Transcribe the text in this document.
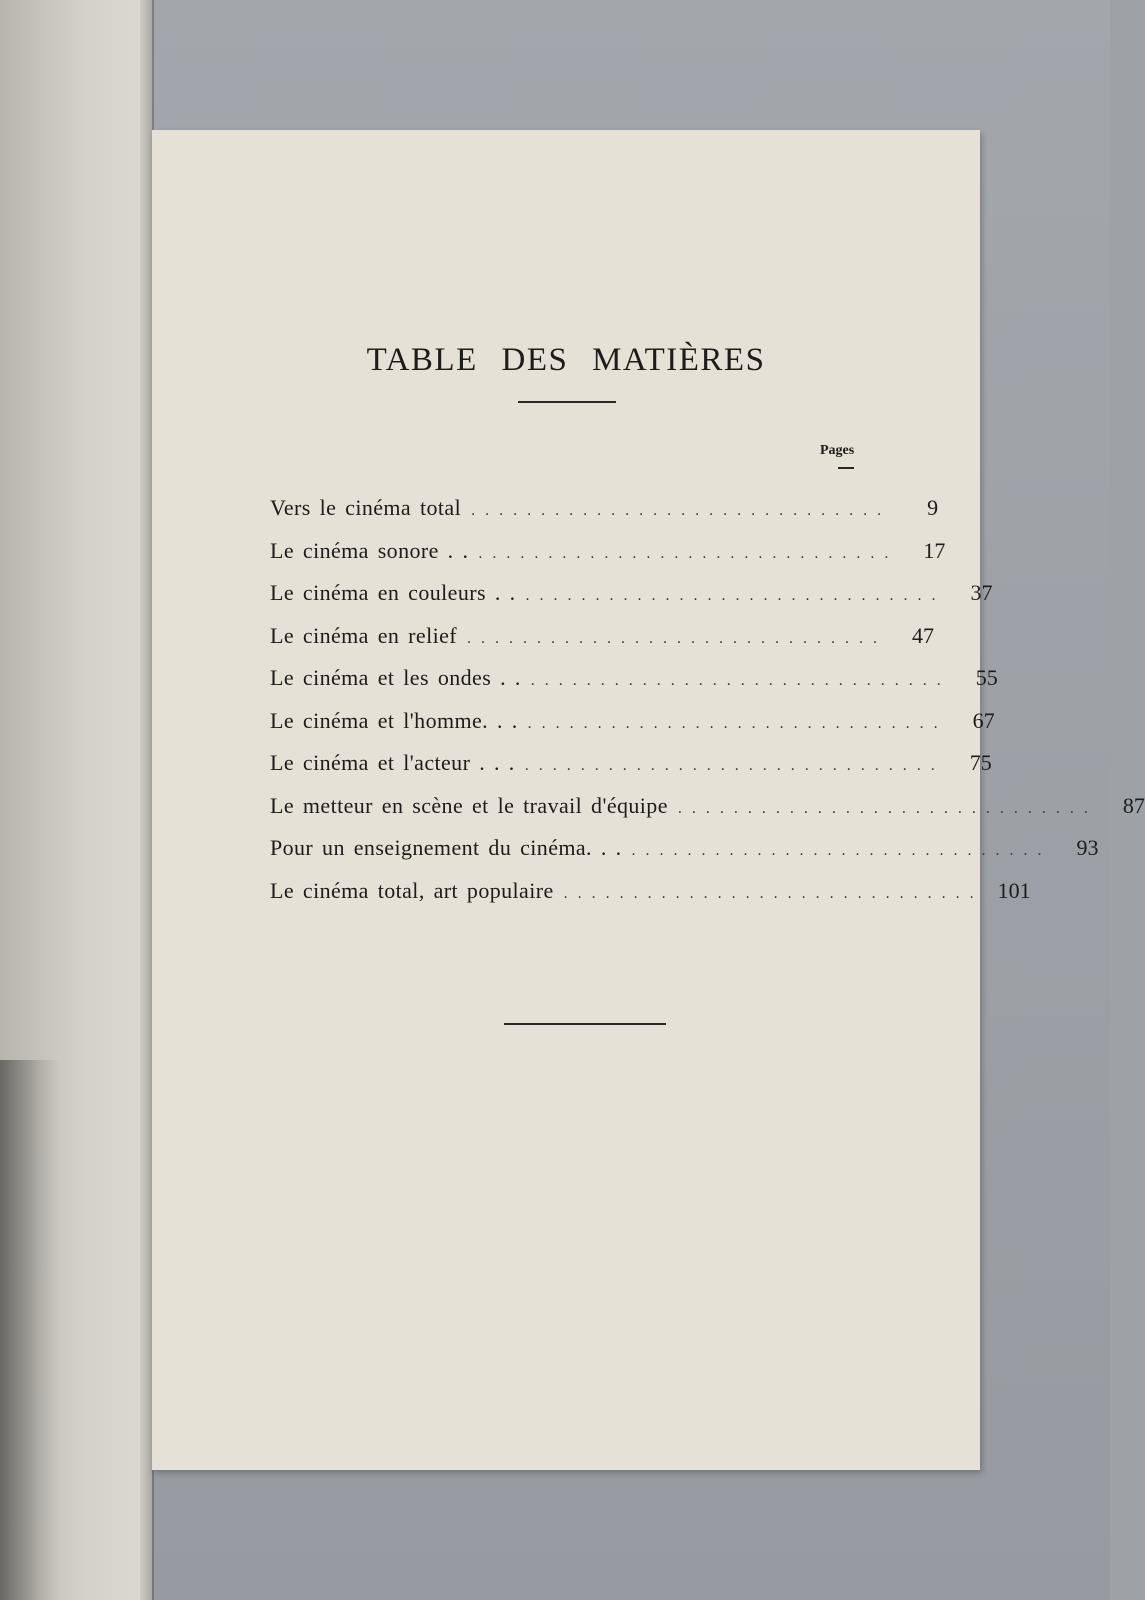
TABLE DES MATIÈRES
Pages
Vers le cinéma total . . . . . . . . . . . . . . . . . . . . . . . . . . . . . .	9
Le cinéma sonore . . . . . . . . . . . . . . . . . . . . . . . . . . . . . . . .	17
Le cinéma en couleurs . . . . . . . . . . . . . . . . . . . . . . . . . . . . . . . .	37
Le cinéma en relief . . . . . . . . . . . . . . . . . . . . . . . . . . . . . .	47
Le cinéma et les ondes . . . . . . . . . . . . . . . . . . . . . . . . . . . . . . . .	55
Le cinéma et l'homme. . . . . . . . . . . . . . . . . . . . . . . . . . . . . . . . .	67
Le cinéma et l'acteur . . . . . . . . . . . . . . . . . . . . . . . . . . . . . . . . .	75
Le metteur en scène et le travail d'équipe . . . . . . . . . . . . . . . . . . . . . . . . . . . . . .	87
Pour un enseignement du cinéma. . . . . . . . . . . . . . . . . . . . . . . . . . . . . . . . .	93
Le cinéma total, art populaire . . . . . . . . . . . . . . . . . . . . . . . . . . . . . . 101
